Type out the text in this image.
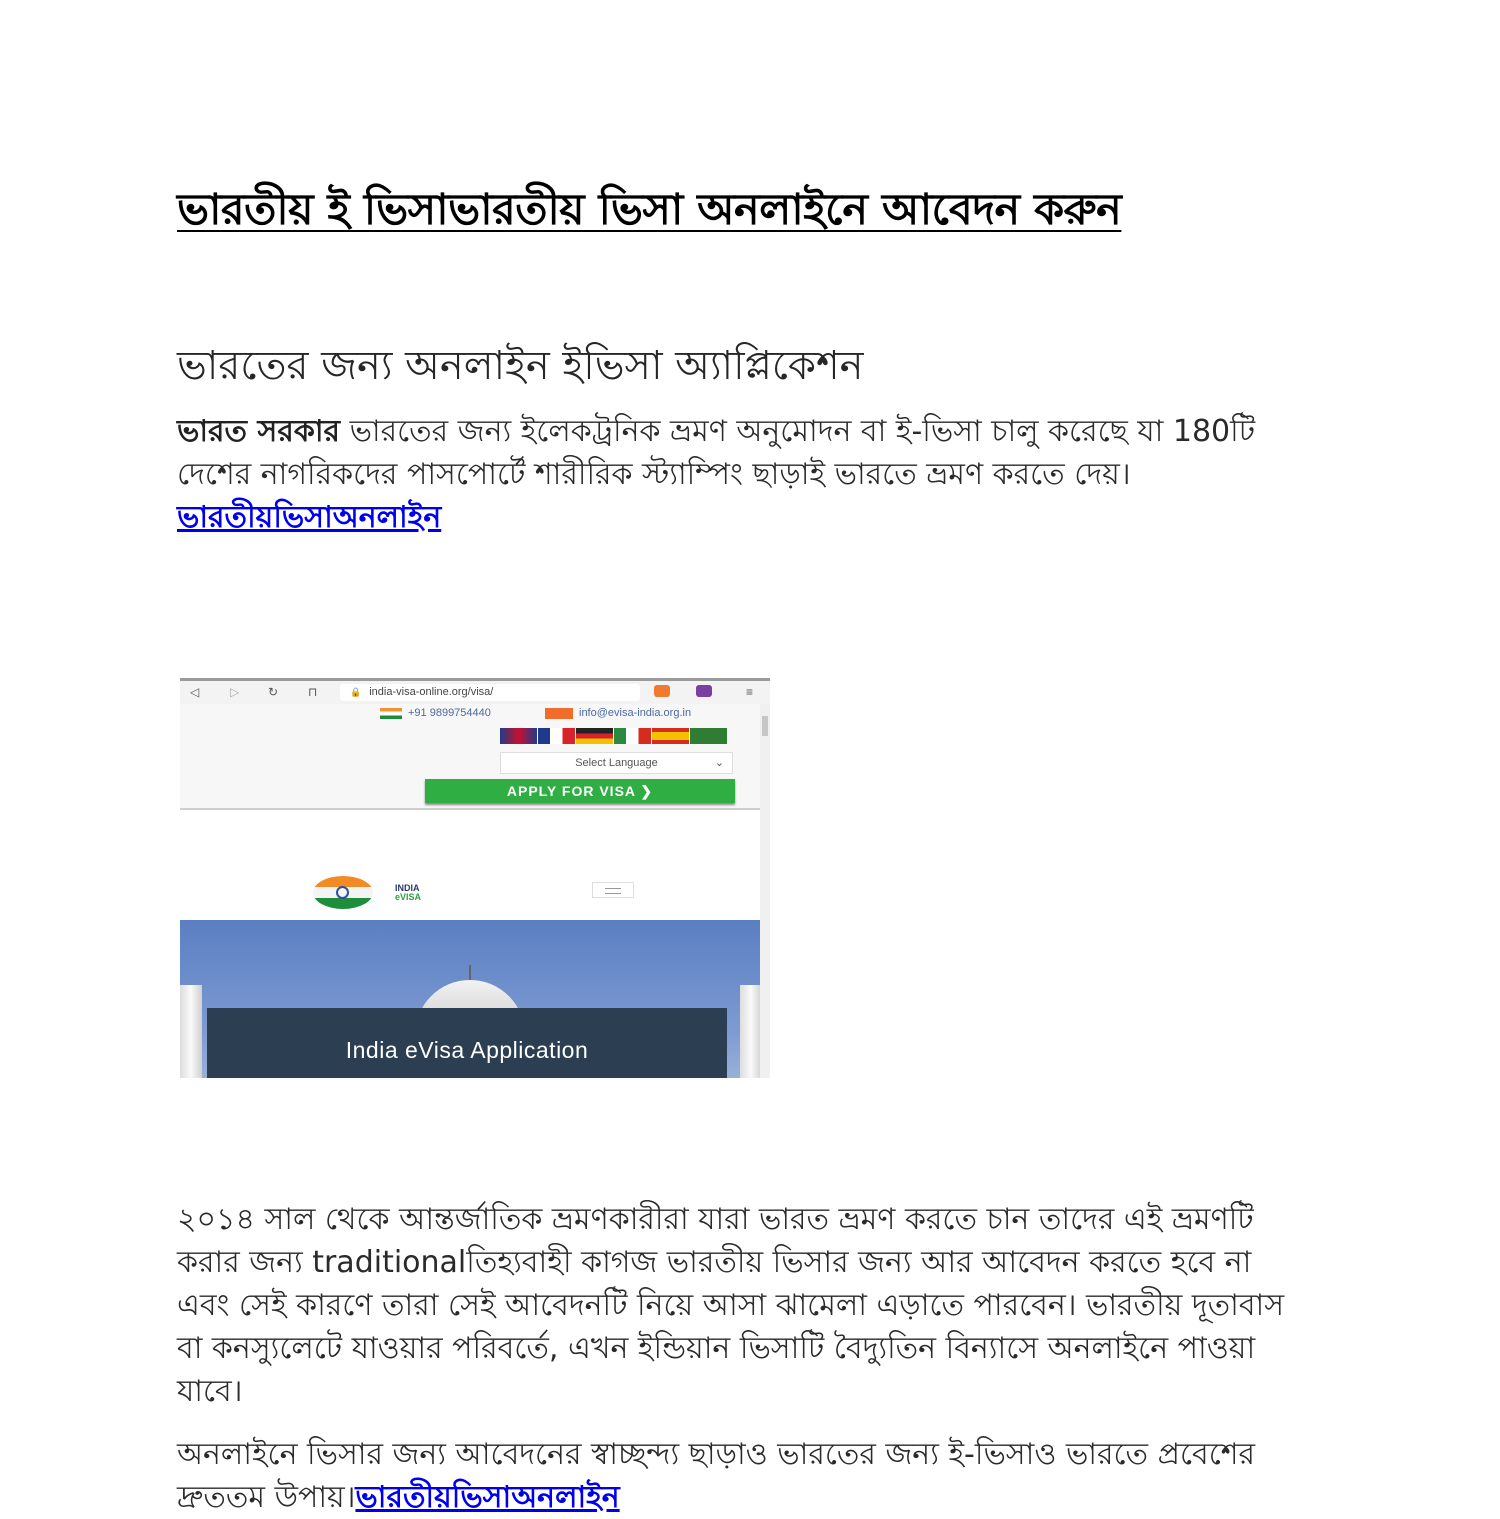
ভারতীয় ই ভিসাভারতীয় ভিসা অনলাইনে আবেদন করুন
ভারতের জন্য অনলাইন ইভিসা অ্যাপ্লিকেশন

ভারত সরকার ভারতের জন্য ইলেকট্রনিক ভ্রমণ অনুমোদন বা ই-ভিসা চালু করেছে যা 180টি দেশের নাগরিকদের পাসপোর্টে শারীরিক স্ট্যাম্পিং ছাড়াই ভারতে ভ্রমণ করতে দেয়।ভারতীয়ভিসাঅনলাইন

২০১৪ সাল থেকে আন্তর্জাতিক ভ্রমণকারীরা যারা ভারত ভ্রমণ করতে চান তাদের এই ভ্রমণটি করার জন্য traditionalতিহ্যবাহী কাগজ ভারতীয় ভিসার জন্য আর আবেদন করতে হবে না এবং সেই কারণে তারা সেই আবেদনটি নিয়ে আসা ঝামেলা এড়াতে পারবেন। ভারতীয় দূতাবাস বা কনস্যুলেটে যাওয়ার পরিবর্তে, এখন ইন্ডিয়ান ভিসাটি বৈদ্যুতিন বিন্যাসে অনলাইনে পাওয়া যাবে।

অনলাইনে ভিসার জন্য আবেদনের স্বাচ্ছন্দ্য ছাড়াও ভারতের জন্য ই-ভিসাও ভারতে প্রবেশের দ্রুততম উপায়।ভারতীয়ভিসাঅনলাইন

◁	▷ ↻ ⊓	🔒 india-visa-online.org/visa/	≡
+91 9899754440	info@evisa-india.org.in
Select Language	⌄
APPLY FOR VISA ❯
INDIA
eVISA
India eVisa Application
